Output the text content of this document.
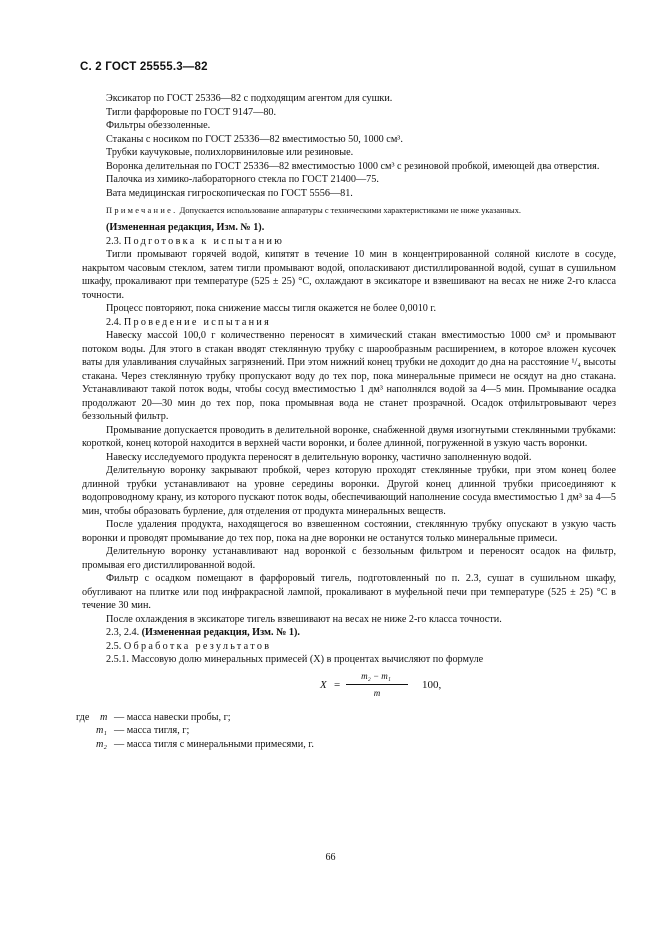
С. 2 ГОСТ 25555.3—82

Эксикатор по ГОСТ 25336—82 с подходящим агентом для сушки.

Тигли фарфоровые по ГОСТ 9147—80.

Фильтры обеззоленные.

Стаканы с носиком по ГОСТ 25336—82 вместимостью 50, 1000 см³.

Трубки каучуковые, полихлорвиниловые или резиновые.

Воронка делительная по ГОСТ 25336—82 вместимостью 1000 см³ с резиновой пробкой, имеющей два отверстия.

Палочка из химико-лабораторного стекла по ГОСТ 21400—75.

Вата медицинская гигроскопическая по ГОСТ 5556—81.

Примечание. Допускается использование аппаратуры с техническими характеристиками не ниже указанных.

(Измененная редакция, Изм. № 1).

2.3. Подготовка к испытанию

Тигли промывают горячей водой, кипятят в течение 10 мин в концентрированной соляной кислоте в сосуде, накрытом часовым стеклом, затем тигли промывают водой, ополаскивают дистиллированной водой, сушат в сушильном шкафу, прокаливают при температуре (525 ± 25) °С, охлаждают в эксикаторе и взвешивают на весах не ниже 2-го класса точности.

Процесс повторяют, пока снижение массы тигля окажется не более 0,0010 г.

2.4. Проведение испытания

Навеску массой 100,0 г количественно переносят в химический стакан вместимостью 1000 см³ и промывают потоком воды. Для этого в стакан вводят стеклянную трубку с шарообразным расширением, в которое вложен кусочек ваты для улавливания случайных загрязнений. При этом нижний конец трубки не доходит до дна на расстояние ¹/₄ высоты стакана. Через стеклянную трубку пропускают воду до тех пор, пока минеральные примеси не осядут на дно стакана. Устанавливают такой поток воды, чтобы сосуд вместимостью 1 дм³ наполнялся водой за 4—5 мин. Промывание осадка продолжают 20—30 мин до тех пор, пока промывная вода не станет прозрачной. Осадок отфильтровывают через беззольный фильтр.

Промывание допускается проводить в делительной воронке, снабженной двумя изогнутыми стеклянными трубками: короткой, конец которой находится в верхней части воронки, и более длинной, погруженной в узкую часть воронки.

Навеску исследуемого продукта переносят в делительную воронку, частично заполненную водой.

Делительную воронку закрывают пробкой, через которую проходят стеклянные трубки, при этом конец более длинной трубки устанавливают на уровне середины воронки. Другой конец длинной трубки присоединяют к водопроводному крану, из которого пускают поток воды, обеспечивающий наполнение сосуда вместимостью 1 дм³ за 4—5 мин, чтобы образовать бурление, для отделения от продукта минеральных веществ.

После удаления продукта, находящегося во взвешенном состоянии, стеклянную трубку опускают в узкую часть воронки и проводят промывание до тех пор, пока на дне воронки не останутся только минеральные примеси.

Делительную воронку устанавливают над воронкой с беззольным фильтром и переносят осадок на фильтр, промывая его дистиллированной водой.

Фильтр с осадком помещают в фарфоровый тигель, подготовленный по п. 2.3, сушат в сушильном шкафу, обугливают на плитке или под инфракрасной лампой, прокаливают в муфельной печи при температуре (525 ± 25) °С в течение 30 мин.

После охлаждения в эксикаторе тигель взвешивают на весах не ниже 2-го класса точности.

2.3, 2.4. (Измененная редакция, Изм. № 1).

2.5. Обработка результатов

2.5.1. Массовую долю минеральных примесей (X) в процентах вычисляют по формуле

X =
m₂ − m₁
m
100,
где m — масса навески пробы, г;
m₁ — масса тигля, г;
m₂ — масса тигля с минеральными примесями, г.
66
